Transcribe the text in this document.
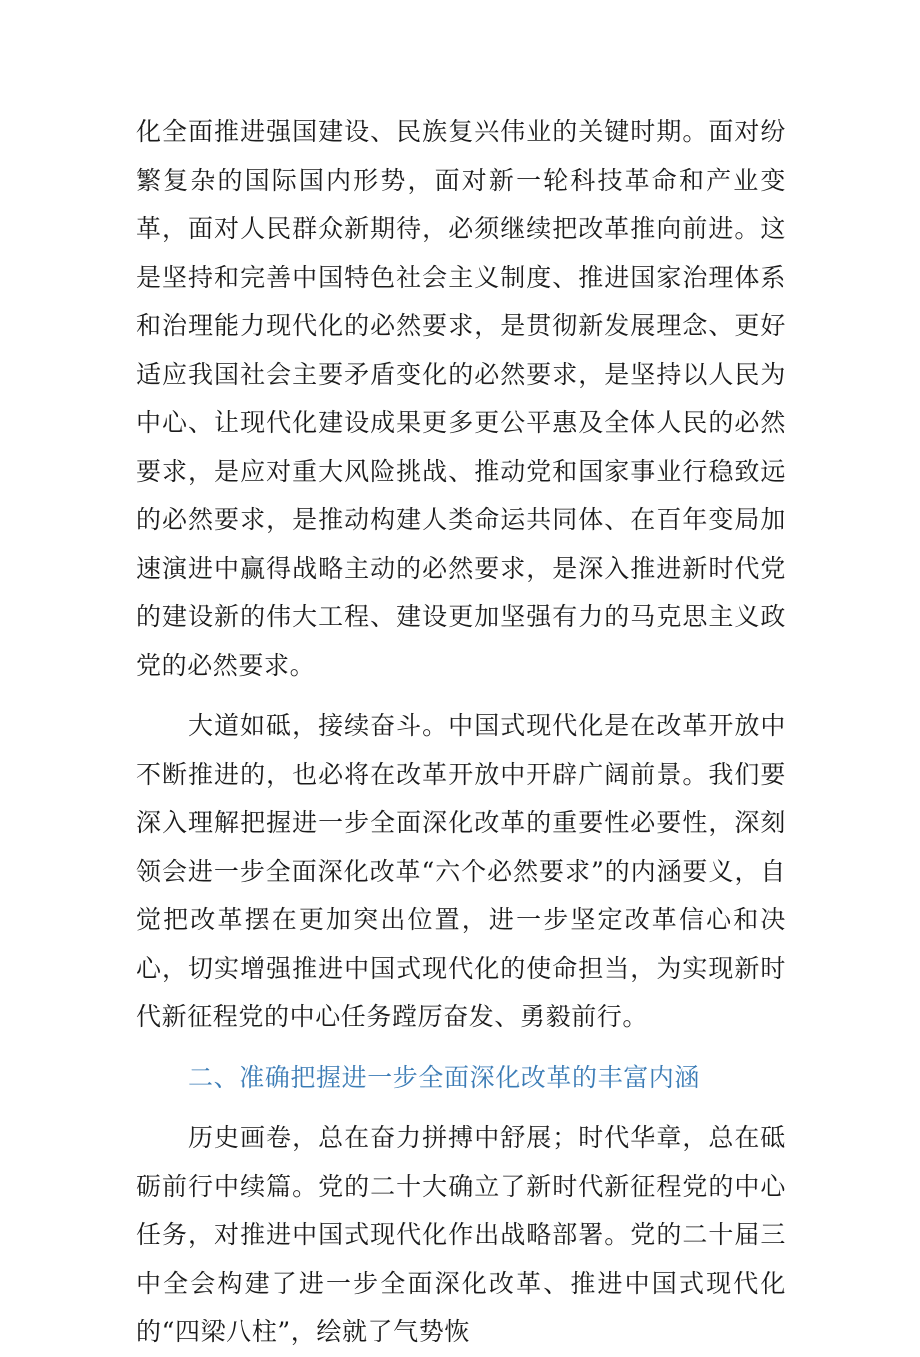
化全面推进强国建设、民族复兴伟业的关键时期。面对纷繁复杂的国际国内形势，面对新一轮科技革命和产业变革，面对人民群众新期待，必须继续把改革推向前进。这是坚持和完善中国特色社会主义制度、推进国家治理体系和治理能力现代化的必然要求，是贯彻新发展理念、更好适应我国社会主要矛盾变化的必然要求，是坚持以人民为中心、让现代化建设成果更多更公平惠及全体人民的必然要求，是应对重大风险挑战、推动党和国家事业行稳致远的必然要求，是推动构建人类命运共同体、在百年变局加速演进中赢得战略主动的必然要求，是深入推进新时代党的建设新的伟大工程、建设更加坚强有力的马克思主义政党的必然要求。

大道如砥，接续奋斗。中国式现代化是在改革开放中不断推进的，也必将在改革开放中开辟广阔前景。我们要深入理解把握进一步全面深化改革的重要性必要性，深刻领会进一步全面深化改革“六个必然要求”的内涵要义，自觉把改革摆在更加突出位置，进一步坚定改革信心和决心，切实增强推进中国式现代化的使命担当，为实现新时代新征程党的中心任务蹚厉奋发、勇毅前行。

二、准确把握进一步全面深化改革的丰富内涵

历史画卷，总在奋力拼搏中舒展；时代华章，总在砥砺前行中续篇。党的二十大确立了新时代新征程党的中心任务，对推进中国式现代化作出战略部署。党的二十届三中全会构建了进一步全面深化改革、推进中国式现代化的“四梁八柱”，绘就了气势恢
